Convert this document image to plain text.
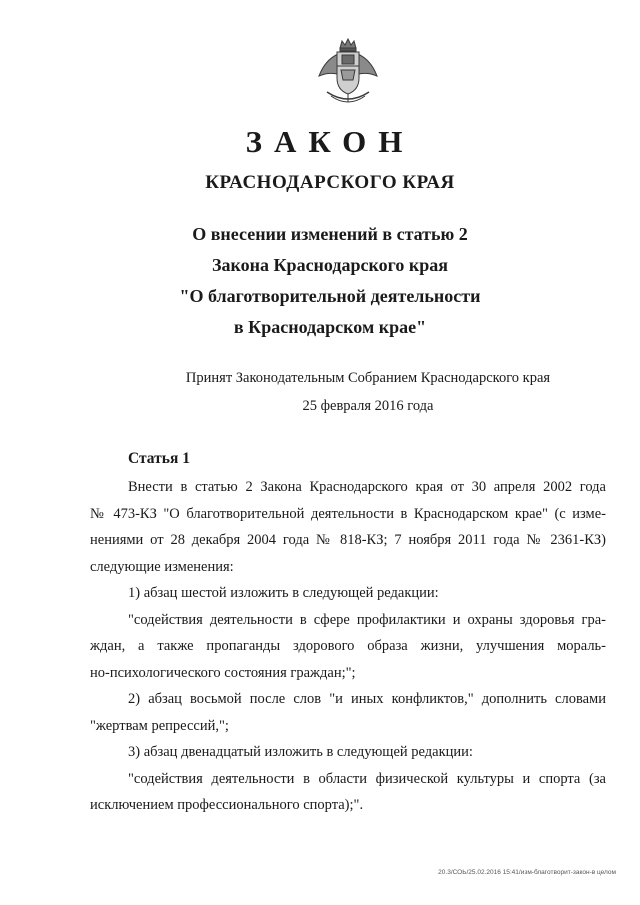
ЗАКОН
КРАСНОДАРСКОГО КРАЯ
О внесении изменений в статью 2
Закона Краснодарского края
"О благотворительной деятельности
в Краснодарском крае"
Принят Законодательным Собранием Краснодарского края
25 февраля 2016 года
Статья 1
Внести в статью 2 Закона Краснодарского края от 30 апреля 2002 года
№ 473-КЗ "О благотворительной деятельности в Краснодарском крае" (с изме-
нениями от 28 декабря 2004 года № 818-КЗ; 7 ноября 2011 года № 2361-КЗ)
следующие изменения:
1) абзац шестой изложить в следующей редакции:
"содействия деятельности в сфере профилактики и охраны здоровья гра-
ждан, а также пропаганды здорового образа жизни, улучшения мораль-
но-психологического состояния граждан;";
2) абзац восьмой после слов "и иных конфликтов," дополнить словами
"жертвам репрессий,";
3) абзац двенадцатый изложить в следующей редакции:
"содействия деятельности в области физической культуры и спорта (за
исключением профессионального спорта);".
20.3/СОЬ/25.02.2016 15:41/изм-благотворит-закон-в целом
